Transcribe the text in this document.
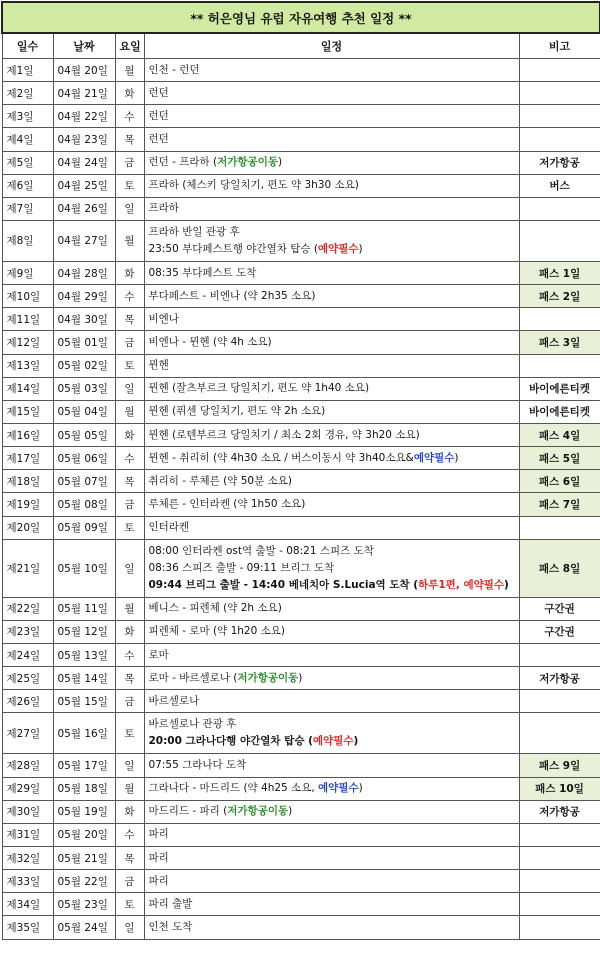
** 허은영님 유럽 자유여행 추천 일정 **				
일수	날짜	요일	일정	비고
제1일	04월 20일	월	인천 - 런던	

제2일	04월 21일	화	런던	

제3일	04월 22일	수	런던	

제4일	04월 23일	목	런던	

제5일	04월 24일	금	런던 - 프라하 (저가항공이동)	저가항공
제6일	04월 25일	토	프라하 (체스키 당일치기, 편도 약 3h30 소요)	버스
제7일	04월 26일	일	프라하	

제8일	04월 27일	월	프라하 반일 관광 후
23:50 부다페스트행 야간열차 탑승 (예약필수)	

제9일	04월 28일	화	08:35 부다페스트 도착	패스 1일
제10일	04월 29일	수	부다페스트 - 비엔나 (약 2h35 소요)	패스 2일
제11일	04월 30일	목	비엔나	

제12일	05월 01일	금	비엔나 - 뮌헨 (약 4h 소요)	패스 3일
제13일	05월 02일	토	뮌헨	

제14일	05월 03일	일	뮌헨 (잘츠부르크 당일치기, 편도 약 1h40 소요)	바이에른티켓
제15일	05월 04일	월	뮌헨 (퓌센 당일치기, 편도 약 2h 소요)	바이에른티켓
제16일	05월 05일	화	뮌헨 (로텐부르크 당일치기 / 최소 2회 경유, 약 3h20 소요)	패스 4일
제17일	05월 06일	수	뮌헨 - 취리히 (약 4h30 소요 / 버스이동시 약 3h40소요&예약필수)	패스 5일
제18일	05월 07일	목	취리히 - 루체른 (약 50분 소요)	패스 6일
제19일	05월 08일	금	루체른 - 인터라켄 (약 1h50 소요)	패스 7일
제20일	05월 09일	토	인터라켄	

제21일	05월 10일	일	08:00 인터라켄 ost역 출발 - 08:21 스피즈 도착
08:36 스피즈 출발 - 09:11 브리그 도착
09:44 브리그 출발 - 14:40 베네치아 S.Lucia역 도착 (하루1편, 예약필수)	패스 8일
제22일	05월 11일	월	베니스 - 피렌체 (약 2h 소요)	구간권
제23일	05월 12일	화	피렌체 - 로마 (약 1h20 소요)	구간권
제24일	05월 13일	수	로마	

제25일	05월 14일	목	로마 - 바르셀로나 (저가항공이동)	저가항공
제26일	05월 15일	금	바르셀로나	

제27일	05월 16일	토	바르셀로나 관광 후
20:00 그라나다행 야간열차 탑승 (예약필수)	

제28일	05월 17일	일	07:55 그라나다 도착	패스 9일
제29일	05월 18일	월	그라나다 - 마드리드 (약 4h25 소요, 예약필수)	패스 10일
제30일	05월 19일	화	마드리드 - 파리 (저가항공이동)	저가항공
제31일	05월 20일	수	파리	

제32일	05월 21일	목	파리	

제33일	05월 22일	금	파리	

제34일	05월 23일	토	파리 출발	

제35일	05월 24일	일	인천 도착	
